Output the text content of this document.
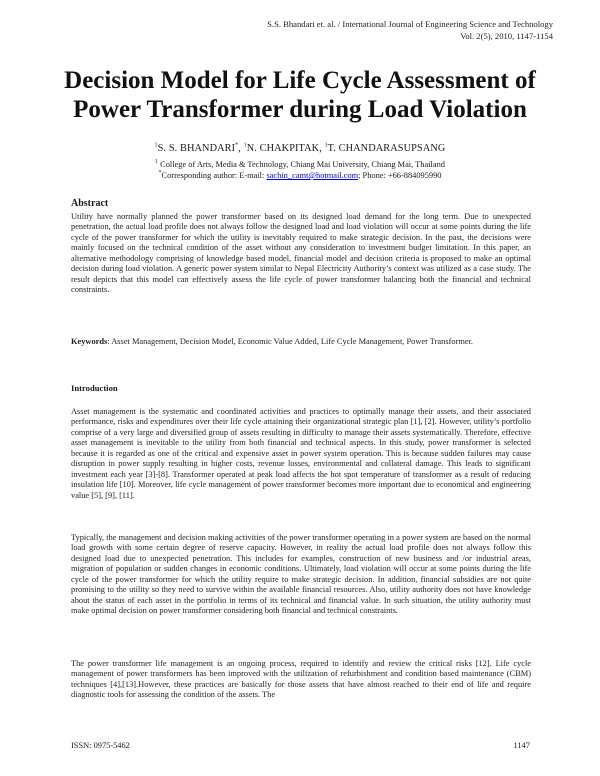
S.S. Bhandari et. al. / International Journal of Engineering Science and Technology
Vol. 2(5), 2010, 1147-1154
Decision Model for Life Cycle Assessment of
Power Transformer during Load Violation
$^1$S. S. BHANDARI*, $^1$N. CHAKPITAK, $^1$T. CHANDARASUPSANG
$^1$ College of Arts, Media & Technology, Chiang Mai University, Chiang Mai, Thailand
*Corresponding author: E-mail: sachin_camt@hotmail.com; Phone: +66-884095990
Abstract
Utility have normally planned the power transformer based on its designed load demand for the long term. Due to unexpected penetration, the actual load profile does not always follow the designed load and load violation will occur at some points during the life cycle of the power transformer for which the utility is inevitably required to make strategic decision. In the past, the decisions were mainly focused on the technical condition of the asset without any consideration to investment budget limitation. In this paper, an alternative methodology comprising of knowledge based model, financial model and decision criteria is proposed to make an optimal decision during load violation. A generic power system similar to Nepal Electricity Authority’s context was utilized as a case study. The result depicts that this model can effectively assess the life cycle of power transformer balancing both the financial and technical constraints.
Keywords: Asset Management, Decision Model, Economic Value Added, Life Cycle Management, Power Transformer.
Introduction
Asset management is the systematic and coordinated activities and practices to optimally manage their assets, and their associated performance, risks and expenditures over their life cycle attaining their organizational strategic plan [1], [2]. However, utility’s portfolio comprise of a very large and diversified group of assets resulting in difficulty to manage their assets systematically. Therefore, effective asset management is inevitable to the utility from both financial and technical aspects. In this study, power transformer is selected because it is regarded as one of the critical and expensive asset in power system operation. This is because sudden failures may cause disruption in power supply resulting in higher costs, revenue losses, environmental and collateral damage. This leads to significant investment each year [3]-[8]. Transformer operated at peak load affects the hot spot temperature of transformer as a result of reducing insulation life [10]. Moreover, life cycle management of power transformer becomes more important due to economical and engineering value [5], [9], [11].
Typically, the management and decision making activities of the power transformer operating in a power system are based on the normal load growth with some certain degree of reserve capacity. However, in reality the actual load profile does not always follow this designed load due to unexpected penetration. This includes for examples, construction of new business and /or industrial areas, migration of population or sudden changes in economic conditions. Ultimately, load violation will occur at some points during the life cycle of the power transformer for which the utility require to make strategic decision. In addition, financial subsidies are not quite promising to the utility so they need to survive within the available financial resources. Also, utility authority does not have knowledge about the status of each asset in the portfolio in terms of its technical and financial value. In such situation, the utility authority must make optimal decision on power transformer considering both financial and technical constraints.
The power transformer life management is an ongoing process, required to identify and review the critical risks [12]. Life cycle management of power transformers has been improved with the utilization of refurbishment and condition based maintenance (CBM) techniques [4],[13].However, these practices are basically for those assets that have almost reached to their end of life and require diagnostic tools for assessing the condition of the assets. The
ISSN: 0975-5462	1147
